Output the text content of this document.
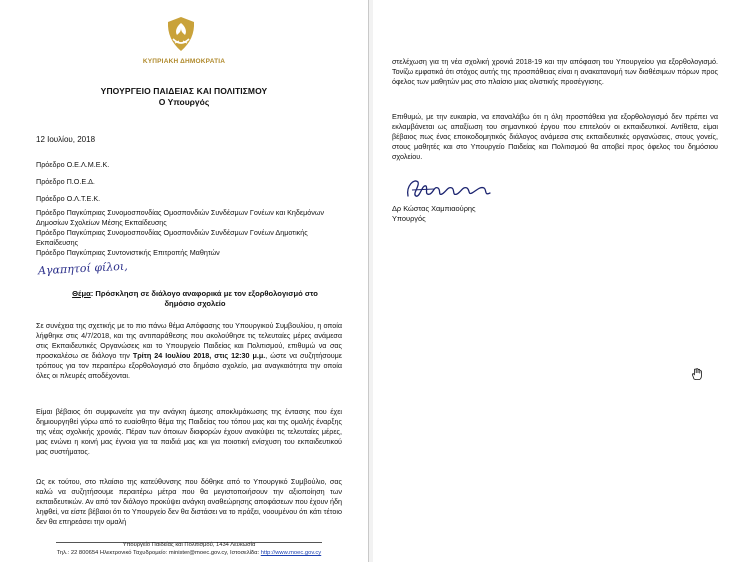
ΚΥΠΡΙΑΚΗ ΔΗΜΟΚΡΑΤΙΑ
ΥΠΟΥΡΓΕΙΟ ΠΑΙΔΕΙΑΣ ΚΑΙ ΠΟΛΙΤΙΣΜΟΥ
Ο Υπουργός
12 Ιουλίου, 2018
Πρόεδρο Ο.Ε.Λ.Μ.Ε.Κ.
Πρόεδρο Π.Ο.Ε.Δ.
Πρόεδρο Ο.Λ.Τ.Ε.Κ.
Πρόεδρο Παγκύπριας Συνομοσπονδίας Ομοσπονδιών Συνδέσμων Γονέων και Κηδεμόνων Δημοσίων Σχολείων Μέσης Εκπαίδευσης
Πρόεδρο Παγκύπριας Συνομοσπονδίας Ομοσπονδιών Συνδέσμων Γονέων Δημοτικής Εκπαίδευσης
Πρόεδρο Παγκύπριας Συντονιστικής Επιτροπής Μαθητών
Αγαπητοί φίλοι,
Θέμα: Πρόσκληση σε διάλογο αναφορικά με τον εξορθολογισμό στο δημόσιο σχολείο
Σε συνέχεια της σχετικής με το πιο πάνω θέμα Απόφασης του Υπουργικού Συμβουλίου, η οποία λήφθηκε στις 4/7/2018, και της αντιπαράθεσης που ακολούθησε τις τελευταίες μέρες ανάμεσα στις Εκπαιδευτικές Οργανώσεις και το Υπουργείο Παιδείας και Πολιτισμού, επιθυμώ να σας προσκαλέσω σε διάλογο την Τρίτη 24 Ιουλίου 2018, στις 12:30 μ.μ., ώστε να συζητήσουμε τρόπους για τον περαιτέρω εξορθολογισμό στο δημόσιο σχολείο, μια αναγκαιότητα την οποία όλες οι πλευρές αποδέχονται.
Είμαι βέβαιος ότι συμφωνείτε για την ανάγκη άμεσης αποκλιμάκωσης της έντασης που έχει δημιουργηθεί γύρω από το ευαίσθητο θέμα της Παιδείας του τόπου μας και της ομαλής έναρξης της νέας σχολικής χρονιάς. Πέραν των όποιων διαφορών έχουν ανακύψει τις τελευταίες μέρες, μας ενώνει η κοινή μας έγνοια για τα παιδιά μας και για ποιοτική ενίσχυση του εκπαιδευτικού μας συστήματος.
Ως εκ τούτου, στο πλαίσιο της κατεύθυνσης που δόθηκε από το Υπουργικό Συμβούλιο, σας καλώ να συζητήσουμε περαιτέρω μέτρα που θα μεγιστοποιήσουν την αξιοποίηση των εκπαιδευτικών. Αν από τον διάλογο προκύψει ανάγκη αναθεώρησης αποφάσεων που έχουν ήδη ληφθεί, να είστε βέβαιοι ότι το Υπουργείο δεν θα διστάσει να το πράξει, νοουμένου ότι κάτι τέτοιο δεν θα επηρεάσει την ομαλή
Υπουργείο Παιδείας και Πολιτισμού, 1434 Λευκωσία
Τηλ.: 22 800654 Ηλεκτρονικό Ταχυδρομείο: minister@moec.gov.cy, Ιστοσελίδα: http://www.moec.gov.cy
στελέχωση για τη νέα σχολική χρονιά 2018-19 και την απόφαση του Υπουργείου για εξορθολογισμό. Τονίζω εμφατικά ότι στόχος αυτής της προσπάθειας είναι η ανακατανομή των διαθέσιμων πόρων προς όφελος των μαθητών μας στο πλαίσιο μιας ολιστικής προσέγγισης.
Επιθυμώ, με την ευκαιρία, να επαναλάβω ότι η όλη προσπάθεια για εξορθολογισμό δεν πρέπει να εκλαμβάνεται ως απαξίωση του σημαντικού έργου που επιτελούν οι εκπαιδευτικοί. Αντίθετα, είμαι βέβαιος πως ένας εποικοδομητικός διάλογος ανάμεσα στις εκπαιδευτικές οργανώσεις, στους γονείς, στους μαθητές και στο Υπουργείο Παιδείας και Πολιτισμού θα αποβεί προς όφελος του δημόσιου σχολείου.
Δρ Κώστας Χαμπιαούρης
Υπουργός
